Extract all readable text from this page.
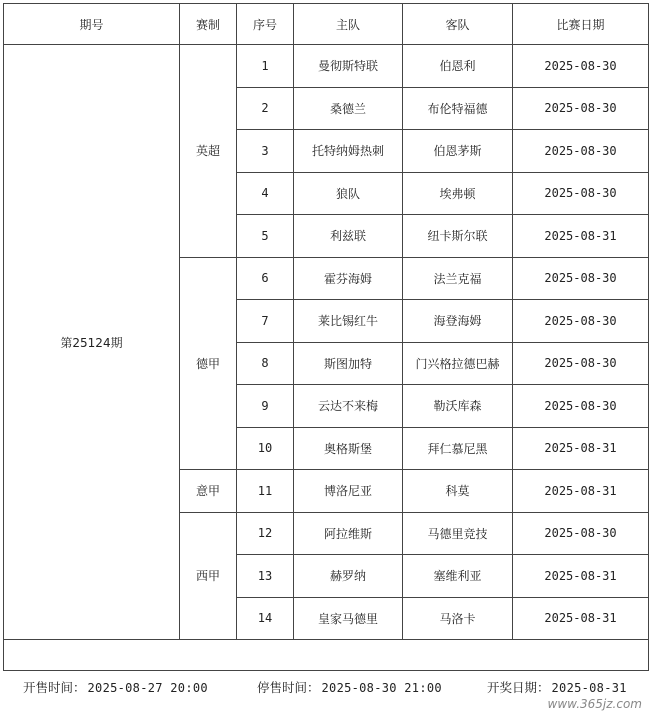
期号	赛制	序号	主队	客队	比赛日期
第25124期	英超	1	曼彻斯特联	伯恩利	2025-08-30
		2	桑德兰	布伦特福德	2025-08-30
		3	托特纳姆热刺	伯恩茅斯	2025-08-30
		4	狼队	埃弗顿	2025-08-30
		5	利兹联	纽卡斯尔联	2025-08-31
	德甲	6	霍芬海姆	法兰克福	2025-08-30
		7	莱比锡红牛	海登海姆	2025-08-30
		8	斯图加特	门兴格拉德巴赫	2025-08-30
		9	云达不来梅	勒沃库森	2025-08-30
		10	奥格斯堡	拜仁慕尼黑	2025-08-31
	意甲	11	博洛尼亚	科莫	2025-08-31
	西甲	12	阿拉维斯	马德里竞技	2025-08-30
		13	赫罗纳	塞维利亚	2025-08-31
		14	皇家马德里	马洛卡	2025-08-31

开售时间： 2025-08-27 20:00	停售时间： 2025-08-30 21:00	开奖日期： 2025-08-31
www.365jz.com
